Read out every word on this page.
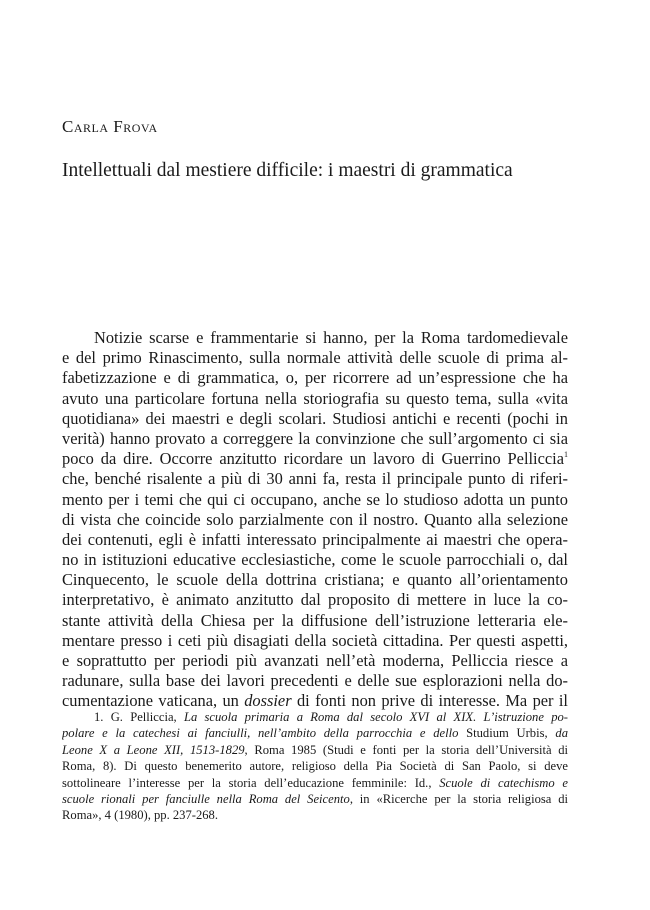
Carla Frova
Intellettuali dal mestiere difficile: i maestri di grammatica
Notizie scarse e frammentarie si hanno, per la Roma tardomedievale
e del primo Rinascimento, sulla normale attività delle scuole di prima al-
fabetizzazione e di grammatica, o, per ricorrere ad un’espressione che ha
avuto una particolare fortuna nella storiografia su questo tema, sulla «vita
quotidiana» dei maestri e degli scolari. Studiosi antichi e recenti (pochi in
verità) hanno provato a correggere la convinzione che sull’argomento ci sia
poco da dire. Occorre anzitutto ricordare un lavoro di Guerrino Pelliccia$^1$
che, benché risalente a più di 30 anni fa, resta il principale punto di riferi-
mento per i temi che qui ci occupano, anche se lo studioso adotta un punto
di vista che coincide solo parzialmente con il nostro. Quanto alla selezione
dei contenuti, egli è infatti interessato principalmente ai maestri che opera-
no in istituzioni educative ecclesiastiche, come le scuole parrocchiali o, dal
Cinquecento, le scuole della dottrina cristiana; e quanto all’orientamento
interpretativo, è animato anzitutto dal proposito di mettere in luce la co-
stante attività della Chiesa per la diffusione dell’istruzione letteraria ele-
mentare presso i ceti più disagiati della società cittadina. Per questi aspetti,
e soprattutto per periodi più avanzati nell’età moderna, Pelliccia riesce a
radunare, sulla base dei lavori precedenti e delle sue esplorazioni nella do-
cumentazione vaticana, un dossier di fonti non prive di interesse. Ma per il
1. G. Pelliccia, La scuola primaria a Roma dal secolo XVI al XIX. L’istruzione po-
polare e la catechesi ai fanciulli, nell’ambito della parrocchia e dello Studium Urbis, da
Leone X a Leone XII, 1513-1829, Roma 1985 (Studi e fonti per la storia dell’Università di
Roma, 8). Di questo benemerito autore, religioso della Pia Società di San Paolo, si deve
sottolineare l’interesse per la storia dell’educazione femminile: Id., Scuole di catechismo e
scuole rionali per fanciulle nella Roma del Seicento, in «Ricerche per la storia religiosa di
Roma», 4 (1980), pp. 237-268.
